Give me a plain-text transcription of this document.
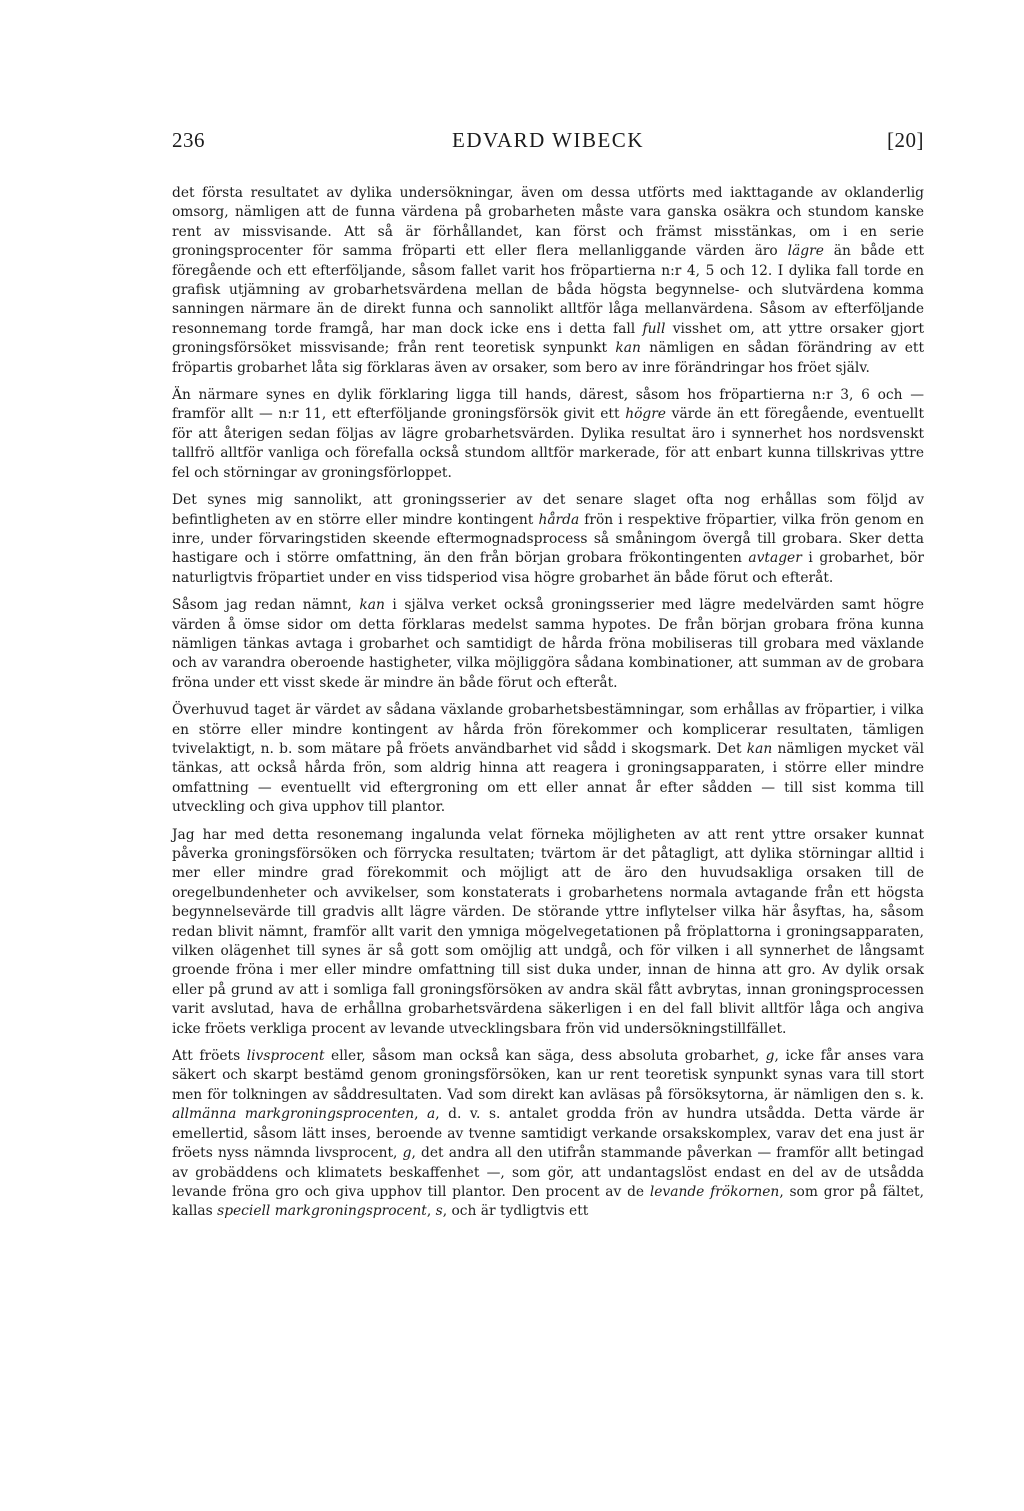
236	EDVARD WIBECK	[20]

det första resultatet av dylika undersökningar, även om dessa utförts med iakttagande av oklanderlig omsorg, nämligen att de funna värdena på grobarheten måste vara ganska osäkra och stundom kanske rent av missvisande. Att så är förhållandet, kan först och främst misstänkas, om i en serie groningsprocenter för samma fröparti ett eller flera mellanliggande värden äro lägre än både ett föregående och ett efterföljande, såsom fallet varit hos fröpartierna n:r 4, 5 och 12. I dylika fall torde en grafisk utjämning av grobarhetsvärdena mellan de båda högsta begynnelse- och slutvärdena komma sanningen närmare än de direkt funna och sannolikt alltför låga mellanvärdena. Såsom av efterföljande resonnemang torde framgå, har man dock icke ens i detta fall full visshet om, att yttre orsaker gjort groningsförsöket missvisande; från rent teoretisk synpunkt kan nämligen en sådan förändring av ett fröpartis grobarhet låta sig förklaras även av orsaker, som bero av inre förändringar hos fröet själv.

Än närmare synes en dylik förklaring ligga till hands, därest, såsom hos fröpartierna n:r 3, 6 och — framför allt — n:r 11, ett efterföljande groningsförsök givit ett högre värde än ett föregående, eventuellt för att återigen sedan följas av lägre grobarhetsvärden. Dylika resultat äro i synnerhet hos nordsvenskt tallfrö alltför vanliga och förefalla också stundom alltför markerade, för att enbart kunna tillskrivas yttre fel och störningar av groningsförloppet.

Det synes mig sannolikt, att groningsserier av det senare slaget ofta nog erhållas som följd av befintligheten av en större eller mindre kontingent hårda frön i respektive fröpartier, vilka frön genom en inre, under förvaringstiden skeende eftermognadsprocess så småningom övergå till grobara. Sker detta hastigare och i större omfattning, än den från början grobara frökontingenten avtager i grobarhet, bör naturligtvis fröpartiet under en viss tidsperiod visa högre grobarhet än både förut och efteråt.

Såsom jag redan nämnt, kan i själva verket också groningsserier med lägre medelvärden samt högre värden å ömse sidor om detta förklaras medelst samma hypotes. De från början grobara fröna kunna nämligen tänkas avtaga i grobarhet och samtidigt de hårda fröna mobiliseras till grobara med växlande och av varandra oberoende hastigheter, vilka möjliggöra sådana kombinationer, att summan av de grobara fröna under ett visst skede är mindre än både förut och efteråt.

Överhuvud taget är värdet av sådana växlande grobarhetsbestämningar, som erhållas av fröpartier, i vilka en större eller mindre kontingent av hårda frön förekommer och komplicerar resultaten, tämligen tvivelaktigt, n. b. som mätare på fröets användbarhet vid sådd i skogsmark. Det kan nämligen mycket väl tänkas, att också hårda frön, som aldrig hinna att reagera i groningsapparaten, i större eller mindre omfattning — eventuellt vid eftergroning om ett eller annat år efter sådden — till sist komma till utveckling och giva upphov till plantor.

Jag har med detta resonemang ingalunda velat förneka möjligheten av att rent yttre orsaker kunnat påverka groningsförsöken och förrycka resultaten; tvärtom är det påtagligt, att dylika störningar alltid i mer eller mindre grad förekommit och möjligt att de äro den huvudsakliga orsaken till de oregelbundenheter och avvikelser, som konstaterats i grobarhetens normala avtagande från ett högsta begynnelsevärde till gradvis allt lägre värden. De störande yttre inflytelser vilka här åsyftas, ha, såsom redan blivit nämnt, framför allt varit den ymniga mögelvegetationen på fröplattorna i groningsapparaten, vilken olägenhet till synes är så gott som omöjlig att undgå, och för vilken i all synnerhet de långsamt groende fröna i mer eller mindre omfattning till sist duka under, innan de hinna att gro. Av dylik orsak eller på grund av att i somliga fall groningsförsöken av andra skäl fått avbrytas, innan groningsprocessen varit avslutad, hava de erhållna grobarhetsvärdena säkerligen i en del fall blivit alltför låga och angiva icke fröets verkliga procent av levande utvecklingsbara frön vid undersökningstillfället.

Att fröets livsprocent eller, såsom man också kan säga, dess absoluta grobarhet, g, icke får anses vara säkert och skarpt bestämd genom groningsförsöken, kan ur rent teoretisk synpunkt synas vara till stort men för tolkningen av såddresultaten. Vad som direkt kan avläsas på försöksytorna, är nämligen den s. k. allmänna markgroningsprocenten, a, d. v. s. antalet grodda frön av hundra utsådda. Detta värde är emellertid, såsom lätt inses, beroende av tvenne samtidigt verkande orsakskomplex, varav det ena just är fröets nyss nämnda livsprocent, g, det andra all den utifrån stammande påverkan — framför allt betingad av grobäddens och klimatets beskaffenhet —, som gör, att undantagslöst endast en del av de utsådda levande fröna gro och giva upphov till plantor. Den procent av de levande frökornen, som gror på fältet, kallas speciell markgroningsprocent, s, och är tydligtvis ett
